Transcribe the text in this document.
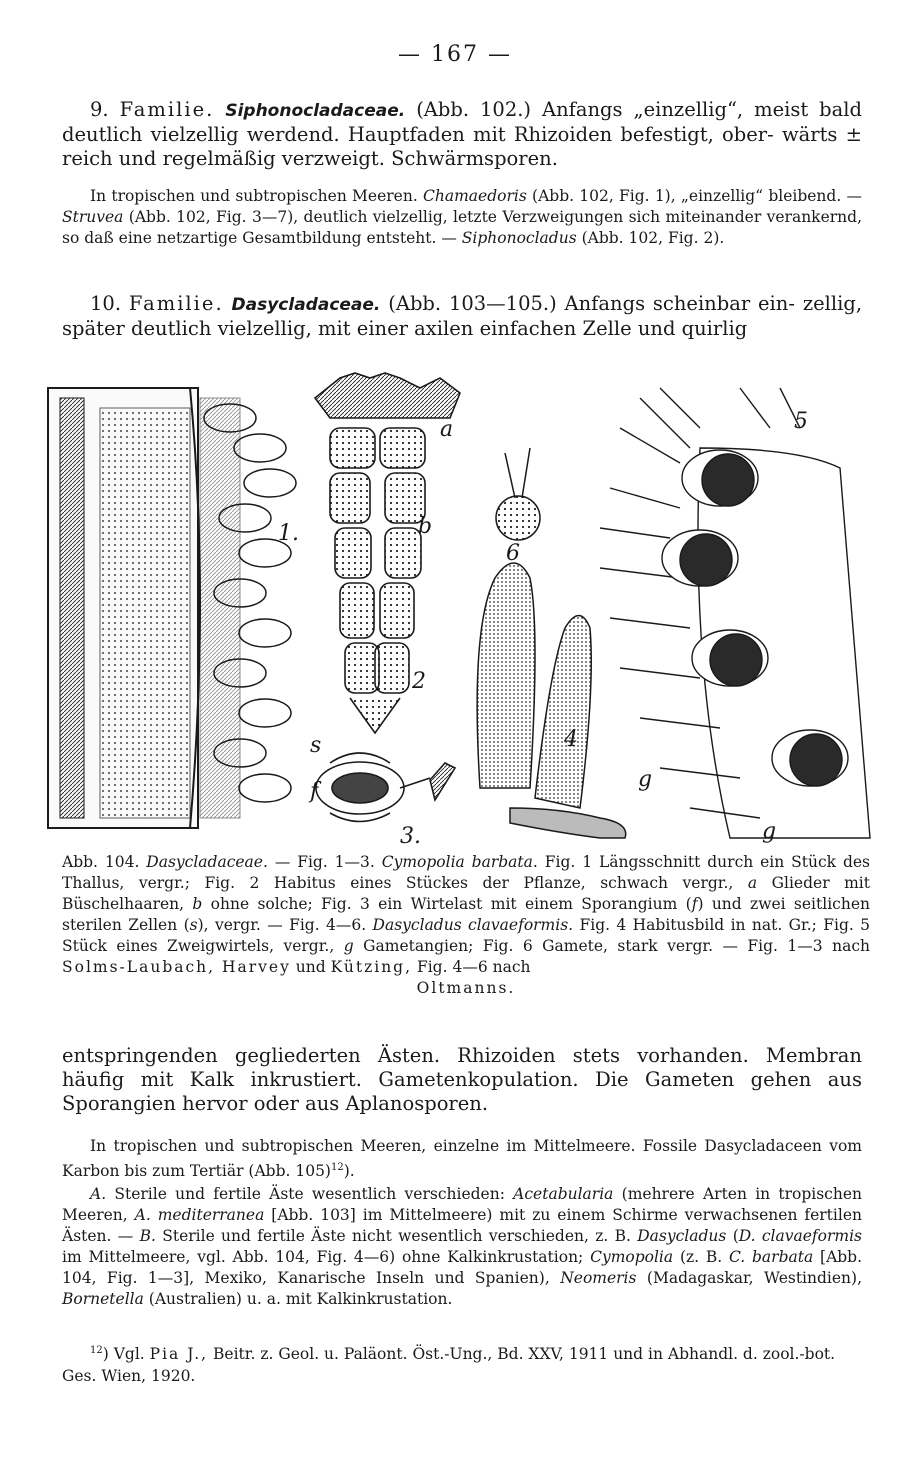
— 167 —
9. Familie. Siphonocladaceae. (Abb. 102.) Anfangs „einzellig“, meist bald deutlich vielzellig werdend. Hauptfaden mit Rhizoiden befestigt, ober- wärts ± reich und regelmäßig verzweigt. Schwärmsporen.
In tropischen und subtropischen Meeren. Chamaedoris (Abb. 102, Fig. 1), „einzellig“ bleibend. — Struvea (Abb. 102, Fig. 3—7), deutlich vielzellig, letzte Verzweigungen sich miteinander verankernd, so daß eine netzartige Gesamtbildung entsteht. — Siphonocladus (Abb. 102, Fig. 2).
10. Familie. Dasycladaceae. (Abb. 103—105.) Anfangs scheinbar ein- zellig, später deutlich vielzellig, mit einer axilen einfachen Zelle und quirlig
1.
a
b
2
s
f
3.
6
4
5
g
g
Abb. 104. Dasycladaceae. — Fig. 1—3. Cymopolia barbata. Fig. 1 Längsschnitt durch ein Stück des Thallus, vergr.; Fig. 2 Habitus eines Stückes der Pflanze, schwach vergr., a Glieder mit Büschelhaaren, b ohne solche; Fig. 3 ein Wirtelast mit einem Sporangium (f) und zwei seitlichen sterilen Zellen (s), vergr. — Fig. 4—6. Dasycladus clavaeformis. Fig. 4 Habitusbild in nat. Gr.; Fig. 5 Stück eines Zweigwirtels, vergr., g Gametangien; Fig. 6 Gamete, stark vergr. — Fig. 1—3 nach Solms-Laubach, Harvey und Kützing, Fig. 4—6 nach
Oltmanns.
entspringenden gegliederten Ästen. Rhizoiden stets vorhanden. Membran häufig mit Kalk inkrustiert. Gametenkopulation. Die Gameten gehen aus Sporangien hervor oder aus Aplanosporen.
In tropischen und subtropischen Meeren, einzelne im Mittelmeere. Fossile Dasycladaceen vom Karbon bis zum Tertiär (Abb. 105)$^{12}$).
A. Sterile und fertile Äste wesentlich verschieden: Acetabularia (mehrere Arten in tropischen Meeren, A. mediterranea [Abb. 103] im Mittelmeere) mit zu einem Schirme verwachsenen fertilen Ästen. — B. Sterile und fertile Äste nicht wesentlich verschieden, z. B. Dasycladus (D. clavaeformis im Mittelmeere, vgl. Abb. 104, Fig. 4—6) ohne Kalkinkrustation; Cymopolia (z. B. C. barbata [Abb. 104, Fig. 1—3], Mexiko, Kanarische Inseln und Spanien), Neomeris (Madagaskar, Westindien), Bornetella (Australien) u. a. mit Kalkinkrustation.
$^{12}$) Vgl. Pia J., Beitr. z. Geol. u. Paläont. Öst.-Ung., Bd. XXV, 1911 und in Abhandl. d. zool.-bot. Ges. Wien, 1920.
